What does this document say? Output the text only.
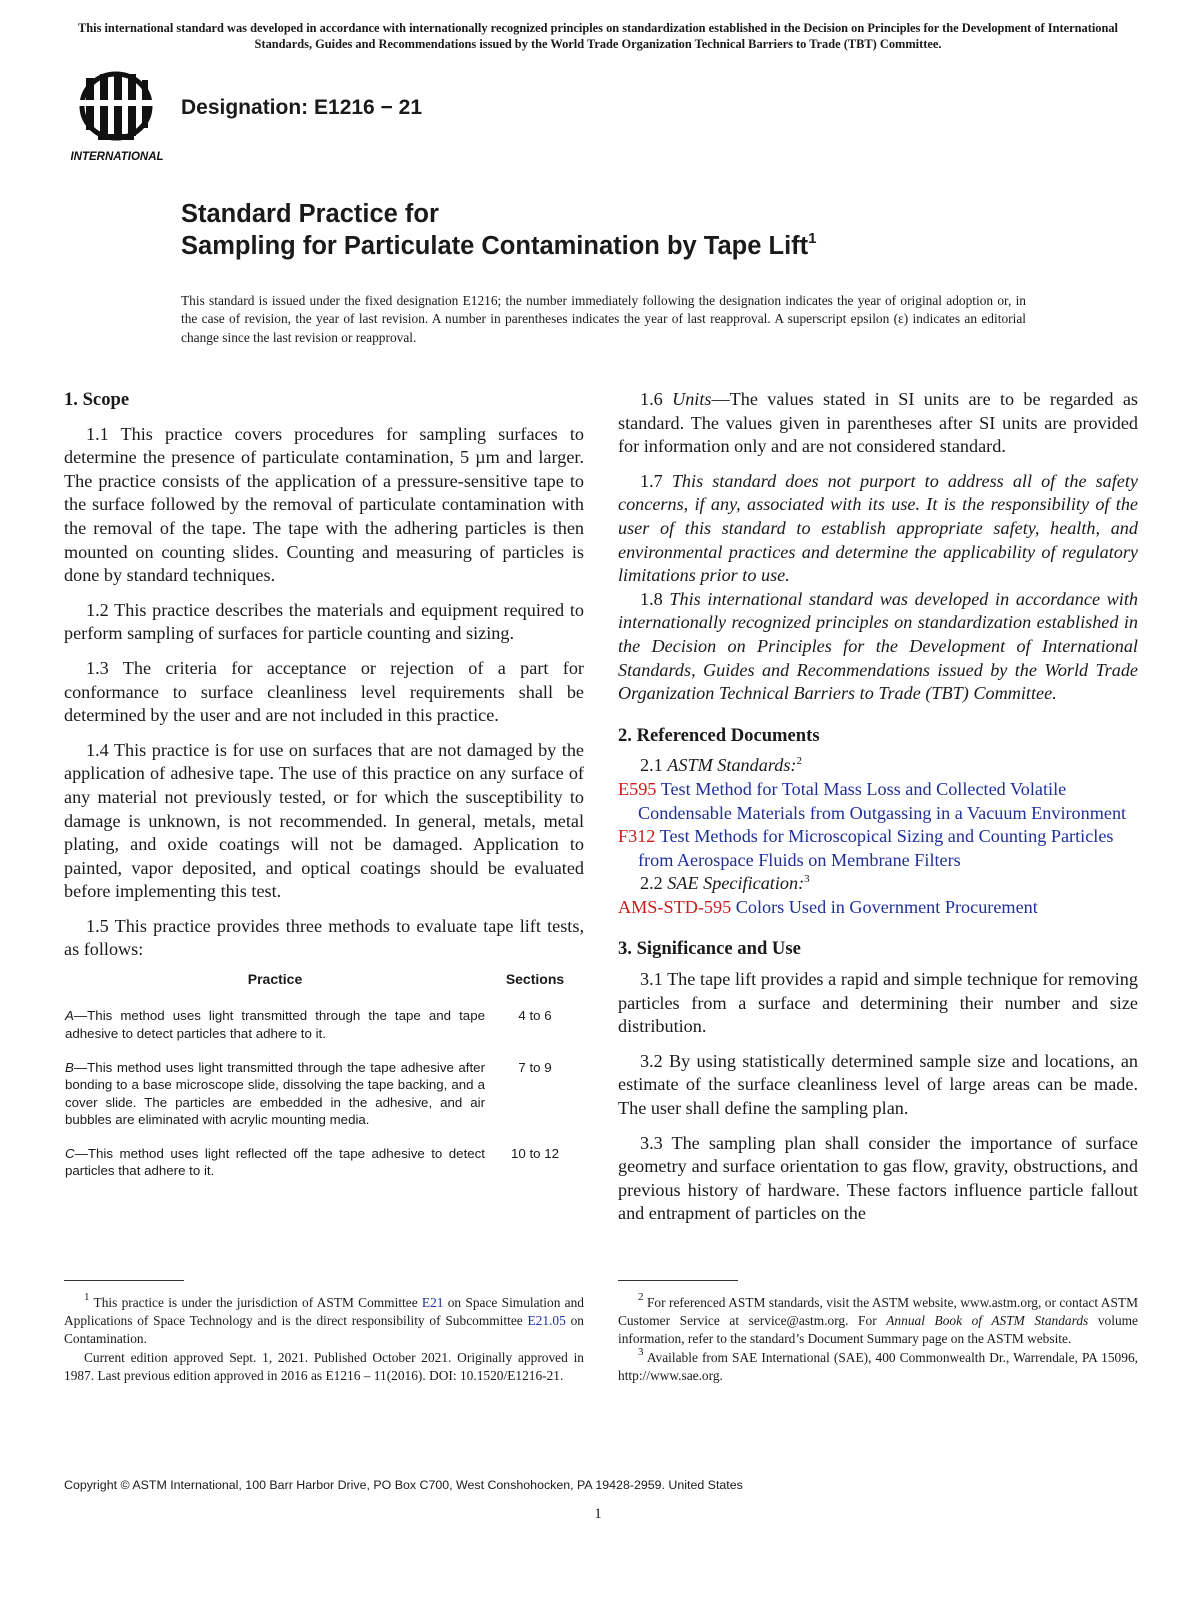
This international standard was developed in accordance with internationally recognized principles on standardization established in the Decision on Principles for the Development of International Standards, Guides and Recommendations issued by the World Trade Organization Technical Barriers to Trade (TBT) Committee.
INTERNATIONAL
Designation: E1216 − 21
Standard Practice for
Sampling for Particulate Contamination by Tape Lift$^1$
This standard is issued under the fixed designation E1216; the number immediately following the designation indicates the year of original adoption or, in the case of revision, the year of last revision. A number in parentheses indicates the year of last reapproval. A superscript epsilon (ε) indicates an editorial change since the last revision or reapproval.
1. Scope

1.1 This practice covers procedures for sampling surfaces to determine the presence of particulate contamination, 5 µm and larger. The practice consists of the application of a pressure-sensitive tape to the surface followed by the removal of particulate contamination with the removal of the tape. The tape with the adhering particles is then mounted on counting slides. Counting and measuring of particles is done by standard techniques.

1.2 This practice describes the materials and equipment required to perform sampling of surfaces for particle counting and sizing.

1.3 The criteria for acceptance or rejection of a part for conformance to surface cleanliness level requirements shall be determined by the user and are not included in this practice.

1.4 This practice is for use on surfaces that are not damaged by the application of adhesive tape. The use of this practice on any surface of any material not previously tested, or for which the susceptibility to damage is unknown, is not recommended. In general, metals, metal plating, and oxide coatings will not be damaged. Application to painted, vapor deposited, and optical coatings should be evaluated before implementing this test.

1.5 This practice provides three methods to evaluate tape lift tests, as follows:

Practice	Sections
A—This method uses light transmitted through the tape and tape adhesive to detect particles that adhere to it.	4 to 6
B—This method uses light transmitted through the tape adhesive after bonding to a base microscope slide, dissolving the tape backing, and a cover slide. The particles are embedded in the adhesive, and air bubbles are eliminated with acrylic mounting media.	7 to 9
C—This method uses light reflected off the tape adhesive to detect particles that adhere to it.	10 to 12

1.6 Units—The values stated in SI units are to be regarded as standard. The values given in parentheses after SI units are provided for information only and are not considered standard.

1.7 This standard does not purport to address all of the safety concerns, if any, associated with its use. It is the responsibility of the user of this standard to establish appropriate safety, health, and environmental practices and determine the applicability of regulatory limitations prior to use.

1.8 This international standard was developed in accordance with internationally recognized principles on standardization established in the Decision on Principles for the Development of International Standards, Guides and Recommendations issued by the World Trade Organization Technical Barriers to Trade (TBT) Committee.

2. Referenced Documents

2.1 ASTM Standards:$^2$

E595 Test Method for Total Mass Loss and Collected Volatile Condensable Materials from Outgassing in a Vacuum Environment
F312 Test Methods for Microscopical Sizing and Counting Particles from Aerospace Fluids on Membrane Filters

2.2 SAE Specification:$^3$

AMS-STD-595 Colors Used in Government Procurement
3. Significance and Use

3.1 The tape lift provides a rapid and simple technique for removing particles from a surface and determining their number and size distribution.

3.2 By using statistically determined sample size and locations, an estimate of the surface cleanliness level of large areas can be made. The user shall define the sampling plan.

3.3 The sampling plan shall consider the importance of surface geometry and surface orientation to gas flow, gravity, obstructions, and previous history of hardware. These factors influence particle fallout and entrapment of particles on the

$^1$ This practice is under the jurisdiction of ASTM Committee E21 on Space Simulation and Applications of Space Technology and is the direct responsibility of Subcommittee E21.05 on Contamination.

Current edition approved Sept. 1, 2021. Published October 2021. Originally approved in 1987. Last previous edition approved in 2016 as E1216 – 11(2016). DOI: 10.1520/E1216-21.

$^2$ For referenced ASTM standards, visit the ASTM website, www.astm.org, or contact ASTM Customer Service at service@astm.org. For Annual Book of ASTM Standards volume information, refer to the standard’s Document Summary page on the ASTM website.

$^3$ Available from SAE International (SAE), 400 Commonwealth Dr., Warrendale, PA 15096, http://www.sae.org.

Copyright © ASTM International, 100 Barr Harbor Drive, PO Box C700, West Conshohocken, PA 19428-2959. United States
1
